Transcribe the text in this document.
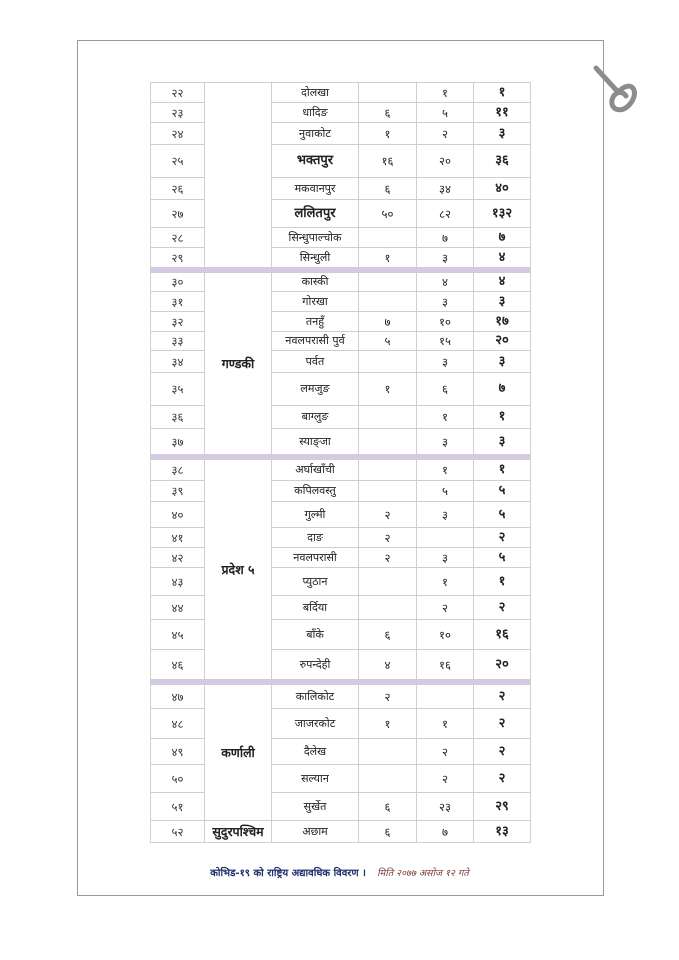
२२		दोलखा		१	१
२३		धादिङ	६	५	११
२४		नुवाकोट	१	२	३
२५		भक्तपुर	१६	२०	३६
२६		मकवानपुर	६	३४	४०
२७		ललितपुर	५०	८२	१३२
२८		सिन्धुपाल्चोक		७	७
२९		सिन्धुली	१	३	४

३०	गण्डकी	कास्की		४	४
३१		गोरखा		३	३
३२		तनहुँ	७	१०	१७
३३		नवलपरासी पुर्व	५	१५	२०
३४		पर्वत		३	३
३५		लमजुङ	१	६	७
३६		बाग्लुङ		१	१
३७		स्याङ्जा		३	३

३८	प्रदेश ५	अर्घाखाँची		१	१
३९		कपिलवस्तु		५	५
४०		गुल्मी	२	३	५
४१		दाङ	२		२
४२		नवलपरासी	२	३	५
४३		प्युठान		१	१
४४		बर्दिया		२	२
४५		बाँके	६	१०	१६
४६		रुपन्देही	४	१६	२०

४७	कर्णाली	कालिकोट	२		२
४८		जाजरकोट	१	१	२
४९		दैलेख		२	२
५०		सल्यान		२	२
५१		सुर्खेत	६	२३	२९
५२	सुदुरपश्चिम	अछाम	६	७	१३
कोभिड-१९ को राष्ट्रिय अद्यावधिक विवरण । मिति २०७७ असोज १२ गते
